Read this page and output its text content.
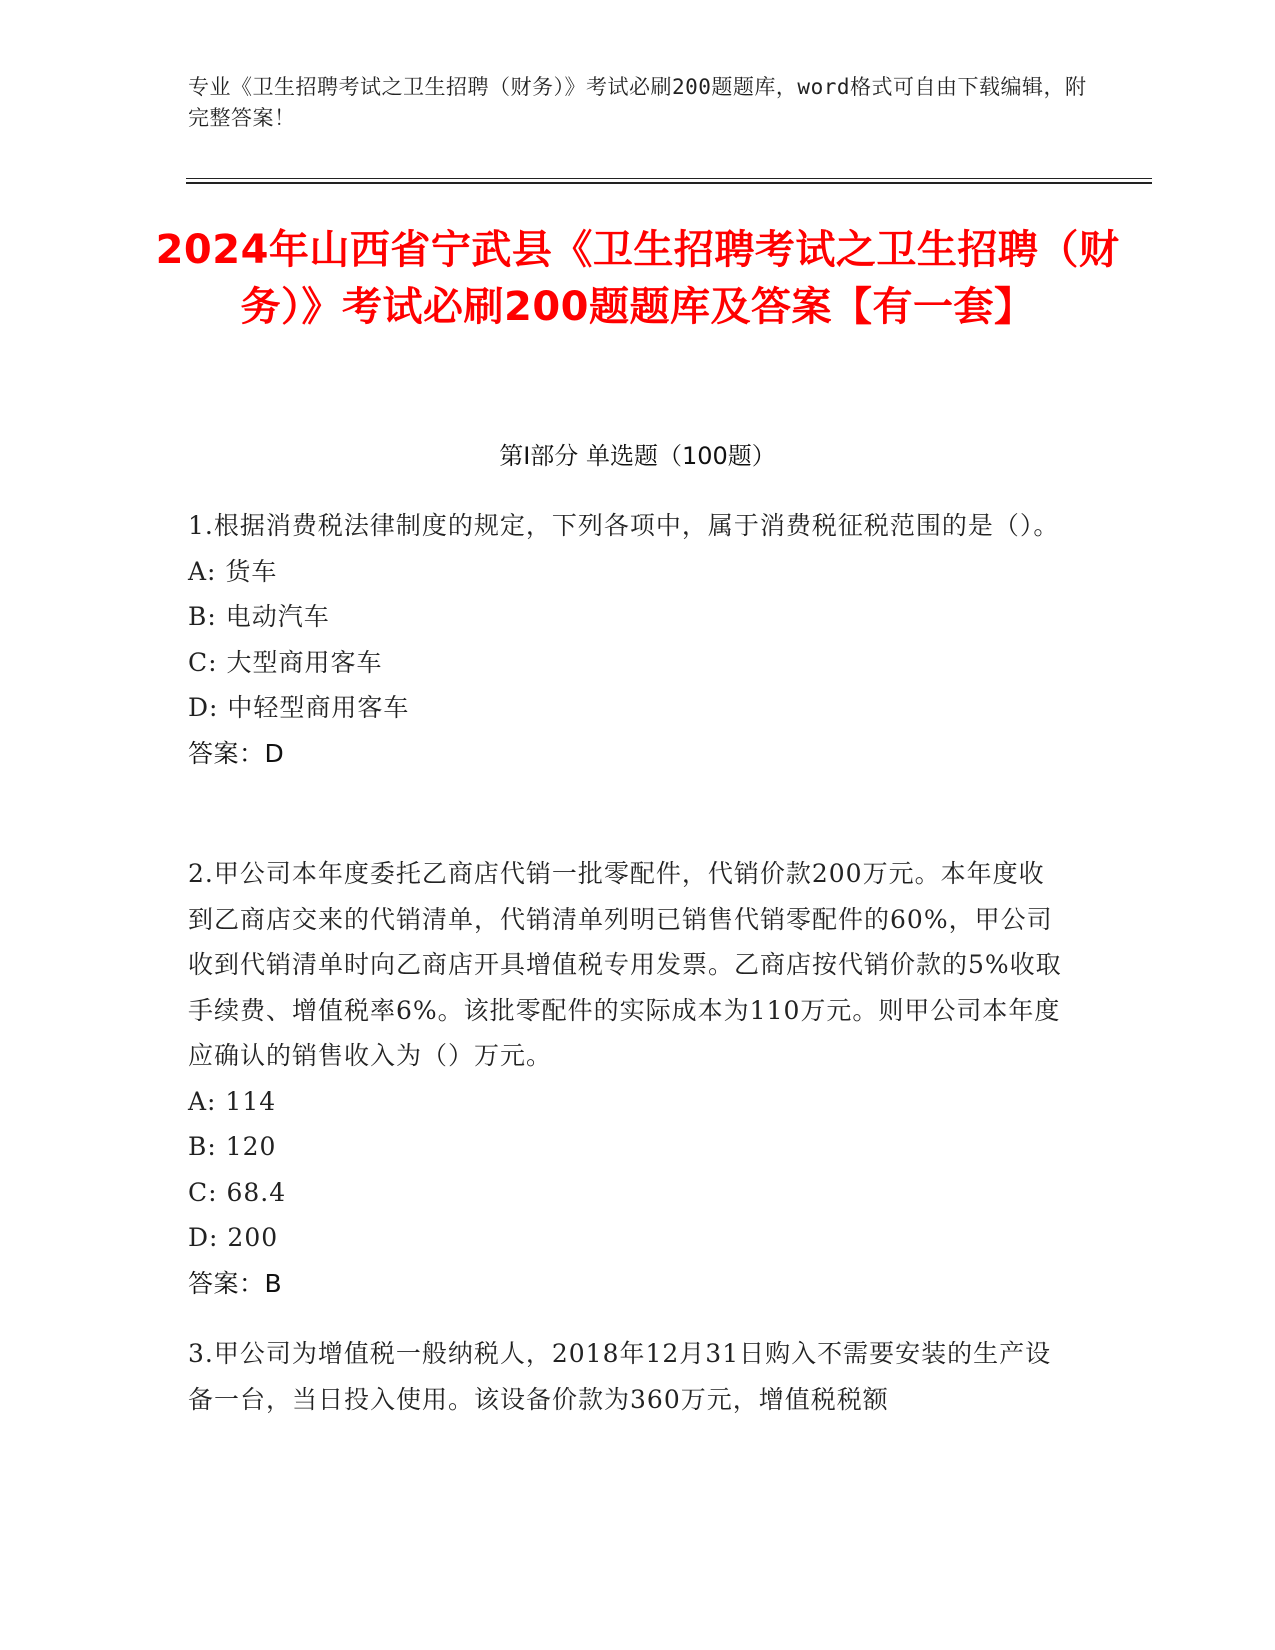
专业《卫生招聘考试之卫生招聘（财务）》考试必刷200题题库，word格式可自由下载编辑，附完整答案！
2024年山西省宁武县《卫生招聘考试之卫生招聘（财务）》考试必刷200题题库及答案【有一套】
第Ⅰ部分 单选题（100题）
1.根据消费税法律制度的规定，下列各项中，属于消费税征税范围的是（）。
A: 货车
B: 电动汽车
C: 大型商用客车
D: 中轻型商用客车
答案：D
2.甲公司本年度委托乙商店代销一批零配件，代销价款200万元。本年度收到乙商店交来的代销清单，代销清单列明已销售代销零配件的60%，甲公司收到代销清单时向乙商店开具增值税专用发票。乙商店按代销价款的5%收取手续费、增值税率6%。该批零配件的实际成本为110万元。则甲公司本年度应确认的销售收入为（）万元。
A: 114
B: 120
C: 68.4
D: 200
答案：B
3.甲公司为增值税一般纳税人，2018年12月31日购入不需要安装的生产设备一台，当日投入使用。该设备价款为360万元，增值税税额
